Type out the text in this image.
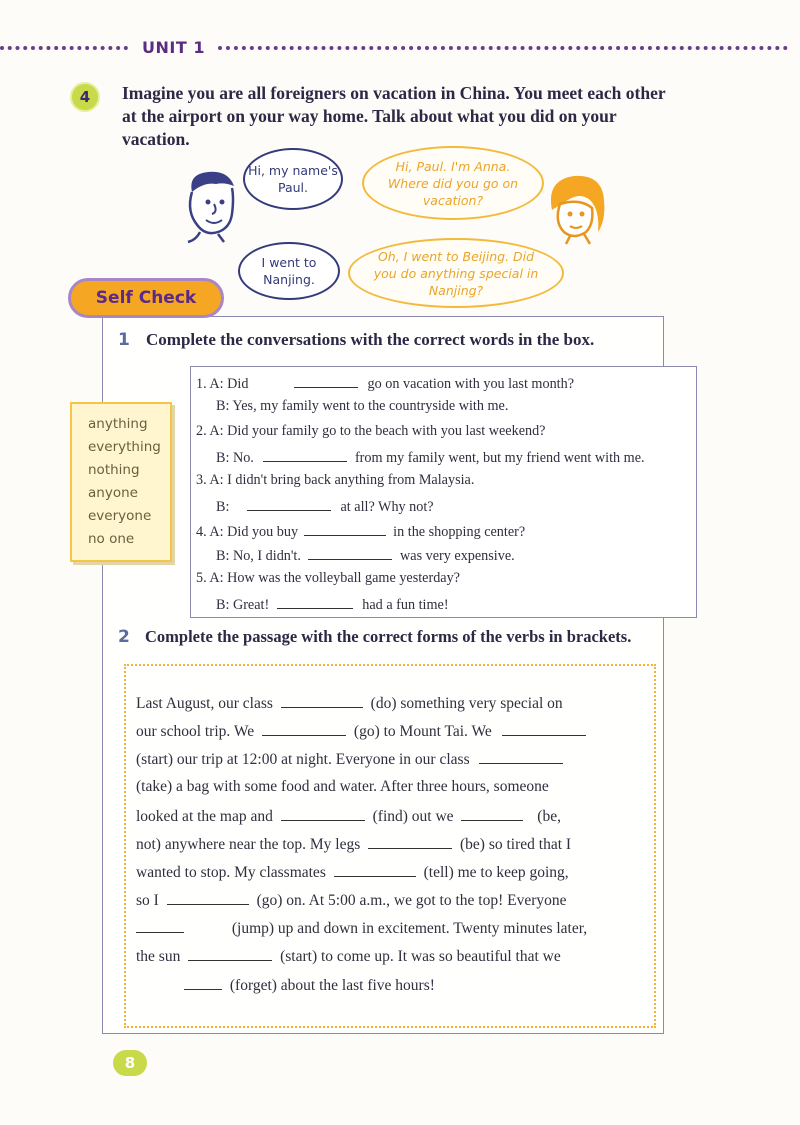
UNIT 1
4	Imagine you are all foreigners on vacation in China. You meet each other at the airport on your way home. Talk about what you did on your vacation.
Hi, my name's Paul.
Hi, Paul. I'm Anna. Where did you go on vacation?
I went to Nanjing.
Oh, I went to Beijing. Did you do anything special in Nanjing?
Self Check
1 Complete the conversations with the correct words in the box.
anything
everything
nothing
anyone
everyone
no one
1. A: Did	go on vacation with you last month?
B: Yes, my family went to the countryside with me.
2. A: Did your family go to the beach with you last weekend?
B: No.	from my family went, but my friend went with me.
3. A: I didn't bring back anything from Malaysia.
B:	at all? Why not?
4. A: Did you buy	in the shopping center?
B: No, I didn't.	was very expensive.
5. A: How was the volleyball game yesterday?
B: Great!	had a fun time!
2 Complete the passage with the correct forms of the verbs in brackets.
Last August, our class	(do) something very special on
our school trip. We	(go) to Mount Tai. We
(start) our trip at 12:00 at night. Everyone in our class
(take) a bag with some food and water. After three hours, someone
looked at the map and	(find) out we	(be,
not) anywhere near the top. My legs	(be) so tired that I
wanted to stop. My classmates	(tell) me to keep going,
so I	(go) on. At 5:00 a.m., we got to the top! Everyone
(jump) up and down in excitement. Twenty minutes later,
the sun	(start) to come up. It was so beautiful that we
(forget) about the last five hours!
8
